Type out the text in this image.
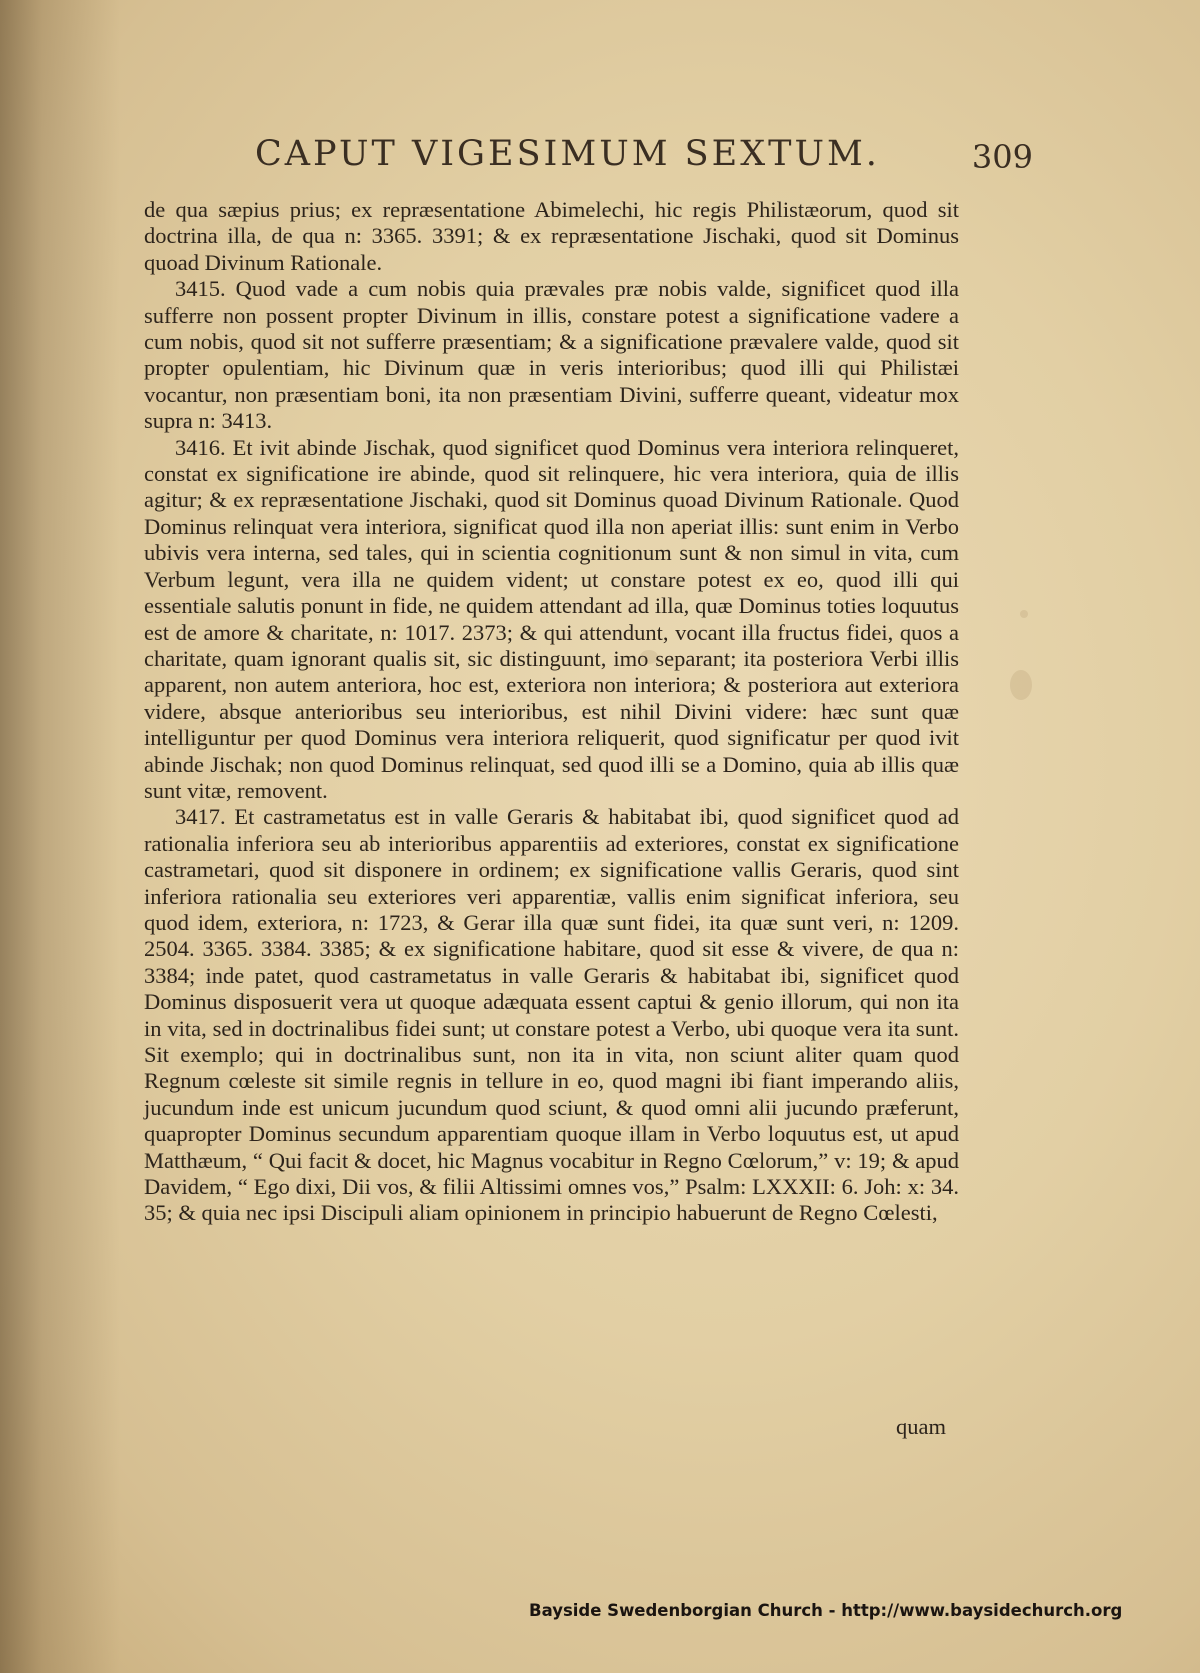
CAPUT VIGESIMUM SEXTUM.	309

de qua sæpius prius; ex repræsentatione Abimelechi, hic regis Philistæorum, quod sit doctrina illa, de qua n: 3365. 3391; & ex repræsentatione Jischaki, quod sit Dominus quoad Divinum Rationale.

3415. Quod vade a cum nobis quia prævales præ nobis valde, significet quod illa sufferre non possent propter Divinum in illis, constare potest a significatione vadere a cum nobis, quod sit not sufferre præsentiam; & a significatione prævalere valde, quod sit propter opulentiam, hic Divinum quæ in veris interioribus; quod illi qui Philistæi vocantur, non præsentiam boni, ita non præsentiam Divini, sufferre queant, videatur mox supra n: 3413.

3416. Et ivit abinde Jischak, quod significet quod Dominus vera interiora relinqueret, constat ex significatione ire abinde, quod sit relinquere, hic vera interiora, quia de illis agitur; & ex repræsentatione Jischaki, quod sit Dominus quoad Divinum Rationale. Quod Dominus relinquat vera interiora, significat quod illa non aperiat illis: sunt enim in Verbo ubivis vera interna, sed tales, qui in scientia cognitionum sunt & non simul in vita, cum Verbum legunt, vera illa ne quidem vident; ut constare potest ex eo, quod illi qui essentiale salutis ponunt in fide, ne quidem attendant ad illa, quæ Dominus toties loquutus est de amore & charitate, n: 1017. 2373; & qui attendunt, vocant illa fructus fidei, quos a charitate, quam ignorant qualis sit, sic distinguunt, imo separant; ita posteriora Verbi illis apparent, non autem anteriora, hoc est, exteriora non interiora; & posteriora aut exteriora videre, absque anterioribus seu interioribus, est nihil Divini videre: hæc sunt quæ intelliguntur per quod Dominus vera interiora reliquerit, quod significatur per quod ivit abinde Jischak; non quod Dominus relinquat, sed quod illi se a Domino, quia ab illis quæ sunt vitæ, removent.

3417. Et castrametatus est in valle Geraris & habitabat ibi, quod significet quod ad rationalia inferiora seu ab interioribus apparentiis ad exteriores, constat ex significatione castrametari, quod sit disponere in ordinem; ex significatione vallis Geraris, quod sint inferiora rationalia seu exteriores veri apparentiæ, vallis enim significat inferiora, seu quod idem, exteriora, n: 1723, & Gerar illa quæ sunt fidei, ita quæ sunt veri, n: 1209. 2504. 3365. 3384. 3385; & ex significatione habitare, quod sit esse & vivere, de qua n: 3384; inde patet, quod castrametatus in valle Geraris & habitabat ibi, significet quod Dominus disposuerit vera ut quoque adæquata essent captui & genio illorum, qui non ita in vita, sed in doctrinalibus fidei sunt; ut constare potest a Verbo, ubi quoque vera ita sunt. Sit exemplo; qui in doctrinalibus sunt, non ita in vita, non sciunt aliter quam quod Regnum cœleste sit simile regnis in tellure in eo, quod magni ibi fiant imperando aliis, jucundum inde est unicum jucundum quod sciunt, & quod omni alii jucundo præferunt, quapropter Dominus secundum apparentiam quoque illam in Verbo loquutus est, ut apud Matthæum, “ Qui facit & docet, hic Magnus vocabitur in Regno Cœlorum,” v: 19; & apud Davidem, “ Ego dixi, Dii vos, & filii Altissimi omnes vos,” Psalm: LXXXII: 6. Joh: x: 34. 35; & quia nec ipsi Discipuli aliam opinionem in principio habuerunt de Regno Cœlesti,

quam
Bayside Swedenborgian Church - http://www.baysidechurch.org
